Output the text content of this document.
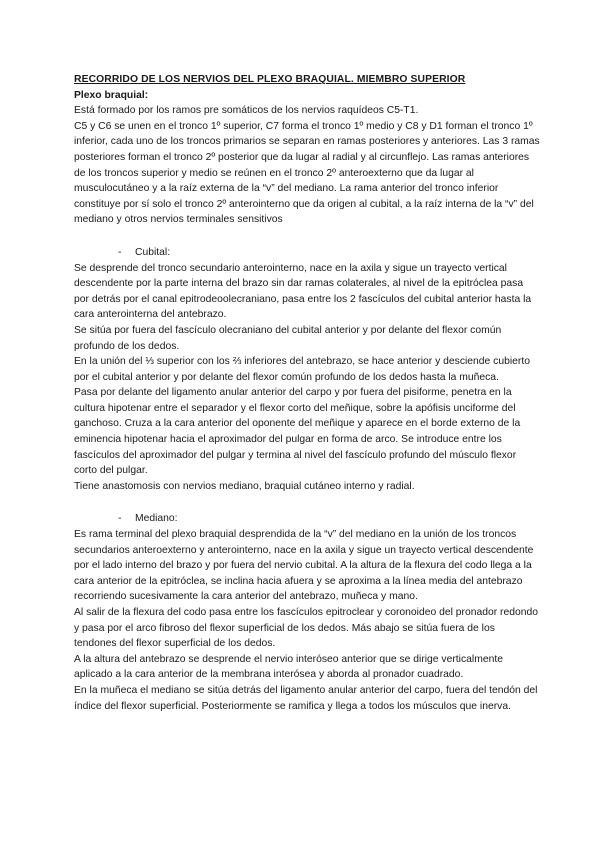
RECORRIDO DE LOS NERVIOS DEL PLEXO BRAQUIAL. MIEMBRO SUPERIOR

Plexo braquial:

Está formado por los ramos pre somáticos de los nervios raquídeos C5-T1.

C5 y C6 se unen en el tronco 1º superior, C7 forma el tronco 1º medio y C8 y D1 forman el tronco 1º inferior, cada uno de los troncos primarios se separan en ramas posteriores y anteriores. Las 3 ramas posteriores forman el tronco 2º posterior que da lugar al radial y al circunflejo. Las ramas anteriores de los troncos superior y medio se reúnen en el tronco 2º anteroexterno que da lugar al musculocutáneo y a la raíz externa de la “v” del mediano. La rama anterior del tronco inferior constituye por sí solo el tronco 2º anterointerno que da origen al cubital, a la raíz interna de la “v” del mediano y otros nervios terminales sensitivos

-	Cubital:

Se desprende del tronco secundario anterointerno, nace en la axila y sigue un trayecto vertical descendente por la parte interna del brazo sin dar ramas colaterales, al nivel de la epitróclea pasa por detrás por el canal epitrodeoolecraniano, pasa entre los 2 fascículos del cubital anterior hasta la cara anterointerna del antebrazo.

Se sitúa por fuera del fascículo olecraniano del cubital anterior y por delante del flexor común profundo de los dedos.

En la unión del ⅓ superior con los ⅔ inferiores del antebrazo, se hace anterior y desciende cubierto por el cubital anterior y por delante del flexor común profundo de los dedos hasta la muñeca.

Pasa por delante del ligamento anular anterior del carpo y por fuera del pisiforme, penetra en la cultura hipotenar entre el separador y el flexor corto del meñique, sobre la apófisis unciforme del ganchoso. Cruza a la cara anterior del oponente del meñique y aparece en el borde externo de la eminencia hipotenar hacia el aproximador del pulgar en forma de arco. Se introduce entre los fascículos del aproximador del pulgar y termina al nivel del fascículo profundo del músculo flexor corto del pulgar.

Tiene anastomosis con nervios mediano, braquial cutáneo interno y radial.

-	Mediano:

Es rama terminal del plexo braquial desprendida de la “v” del mediano en la unión de los troncos secundarios anteroexterno y anterointerno, nace en la axila y sigue un trayecto vertical descendente por el lado interno del brazo y por fuera del nervio cubital. A la altura de la flexura del codo llega a la cara anterior de la epitróclea, se inclina hacia afuera y se aproxima a la línea media del antebrazo recorriendo sucesivamente la cara anterior del antebrazo, muñeca y mano.

Al salir de la flexura del codo pasa entre los fascículos epitroclear y coronoideo del pronador redondo y pasa por el arco fibroso del flexor superficial de los dedos. Más abajo se sitúa fuera de los tendones del flexor superficial de los dedos.

A la altura del antebrazo se desprende el nervio interóseo anterior que se dirige verticalmente aplicado a la cara anterior de la membrana interósea y aborda al pronador cuadrado.

En la muñeca el mediano se sitúa detrás del ligamento anular anterior del carpo, fuera del tendón del índice del flexor superficial. Posteriormente se ramifica y llega a todos los músculos que inerva.
